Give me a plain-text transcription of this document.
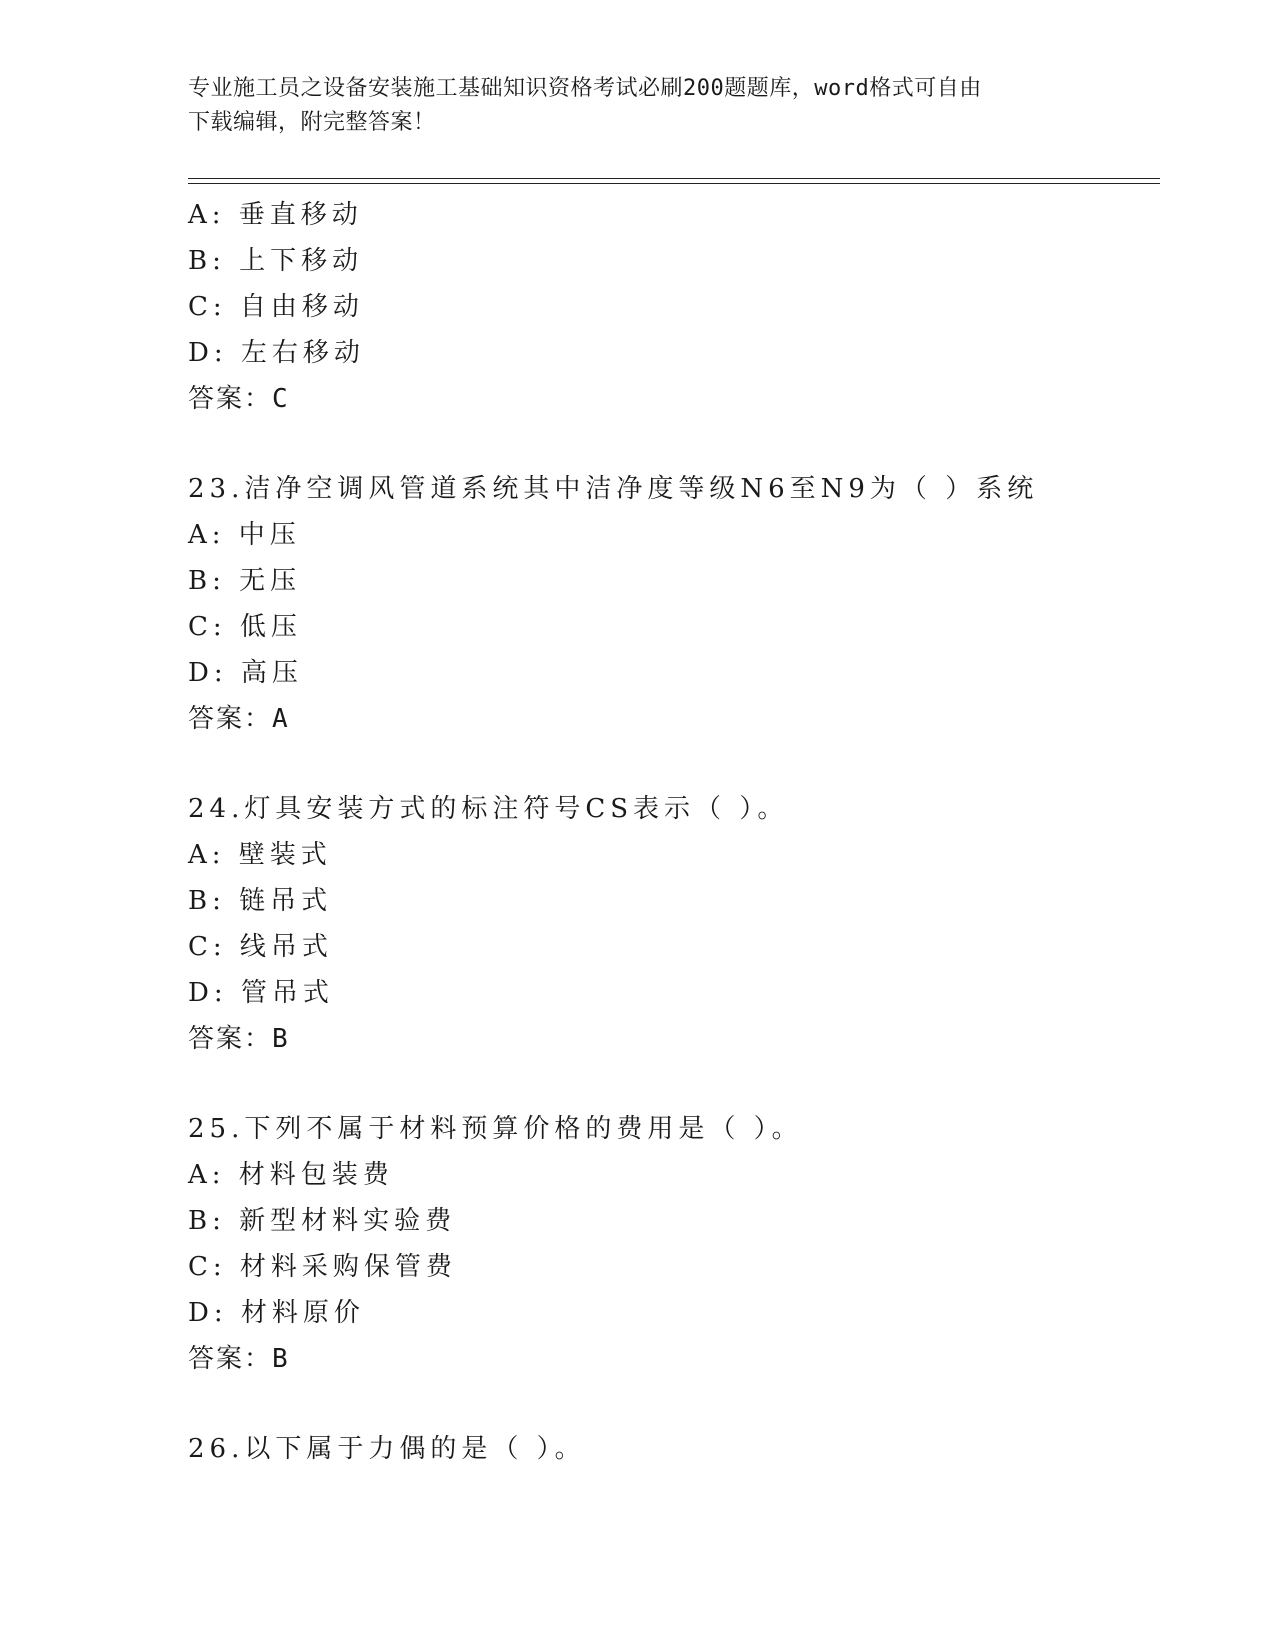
专业施工员之设备安装施工基础知识资格考试必刷200题题库，word格式可自由
下载编辑，附完整答案！
A: 垂直移动
B: 上下移动
C: 自由移动
D: 左右移动
答案：C
23.洁净空调风管道系统其中洁净度等级N6至N9为（ ）系统
A: 中压
B: 无压
C: 低压
D: 高压
答案：A
24.灯具安装方式的标注符号CS表示（ ）。
A: 壁装式
B: 链吊式
C: 线吊式
D: 管吊式
答案：B
25.下列不属于材料预算价格的费用是（ ）。
A: 材料包装费
B: 新型材料实验费
C: 材料采购保管费
D: 材料原价
答案：B
26.以下属于力偶的是（ ）。
